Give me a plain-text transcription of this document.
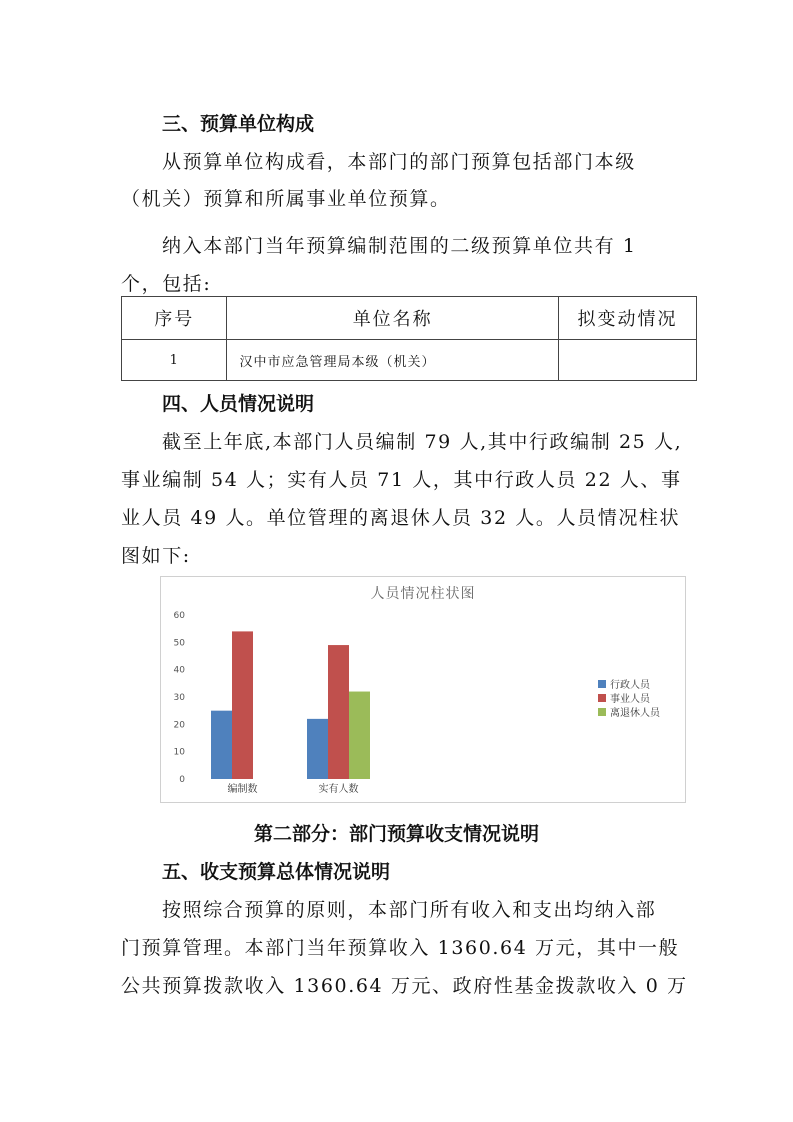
三、预算单位构成
从预算单位构成看，本部门的部门预算包括部门本级
（机关）预算和所属事业单位预算。
纳入本部门当年预算编制范围的二级预算单位共有 1
个，包括:
序号	单位名称	拟变动情况
1	汉中市应急管理局本级（机关）	
四、人员情况说明
截至上年底,本部门人员编制 79 人,其中行政编制 25 人,
事业编制 54 人；实有人员 71 人，其中行政人员 22 人、事
业人员 49 人。单位管理的离退休人员 32 人。人员情况柱状
图如下:
人员情况柱状图
0
10
20
30
40
50
60
编制数	实有人数
行政人员
事业人员
离退休人员
第二部分：部门预算收支情况说明
五、收支预算总体情况说明
按照综合预算的原则，本部门所有收入和支出均纳入部
门预算管理。本部门当年预算收入 1360.64 万元，其中一般
公共预算拨款收入 1360.64 万元、政府性基金拨款收入 0 万
